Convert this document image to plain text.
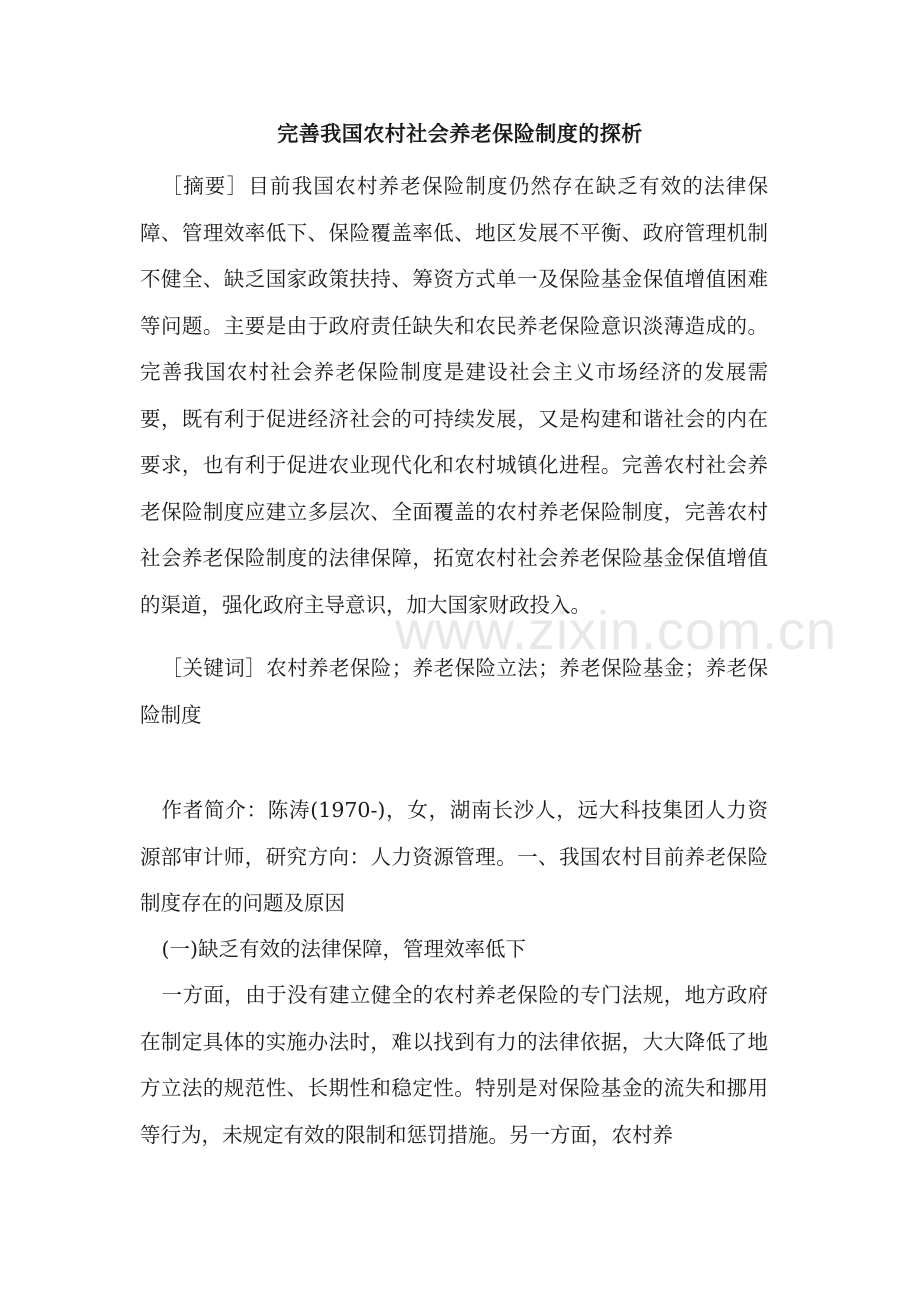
完善我国农村社会养老保险制度的探析
［摘要］目前我国农村养老保险制度仍然存在缺乏有效的法律保障、管理效率低下、保险覆盖率低、地区发展不平衡、政府管理机制不健全、缺乏国家政策扶持、筹资方式单一及保险基金保值增值困难等问题。主要是由于政府责任缺失和农民养老保险意识淡薄造成的。完善我国农村社会养老保险制度是建设社会主义市场经济的发展需要，既有利于促进经济社会的可持续发展，又是构建和谐社会的内在要求，也有利于促进农业现代化和农村城镇化进程。完善农村社会养老保险制度应建立多层次、全面覆盖的农村养老保险制度，完善农村社会养老保险制度的法律保障，拓宽农村社会养老保险基金保值增值的渠道，强化政府主导意识，加大国家财政投入。
［关键词］农村养老保险；养老保险立法；养老保险基金；养老保险制度
作者简介：陈涛(1970-)，女，湖南长沙人，远大科技集团人力资源部审计师，研究方向：人力资源管理。一、我国农村目前养老保险制度存在的问题及原因
(一)缺乏有效的法律保障，管理效率低下
一方面，由于没有建立健全的农村养老保险的专门法规，地方政府在制定具体的实施办法时，难以找到有力的法律依据，大大降低了地方立法的规范性、长期性和稳定性。特别是对保险基金的流失和挪用等行为，未规定有效的限制和惩罚措施。另一方面，农村养
www.zixin.com.cn
